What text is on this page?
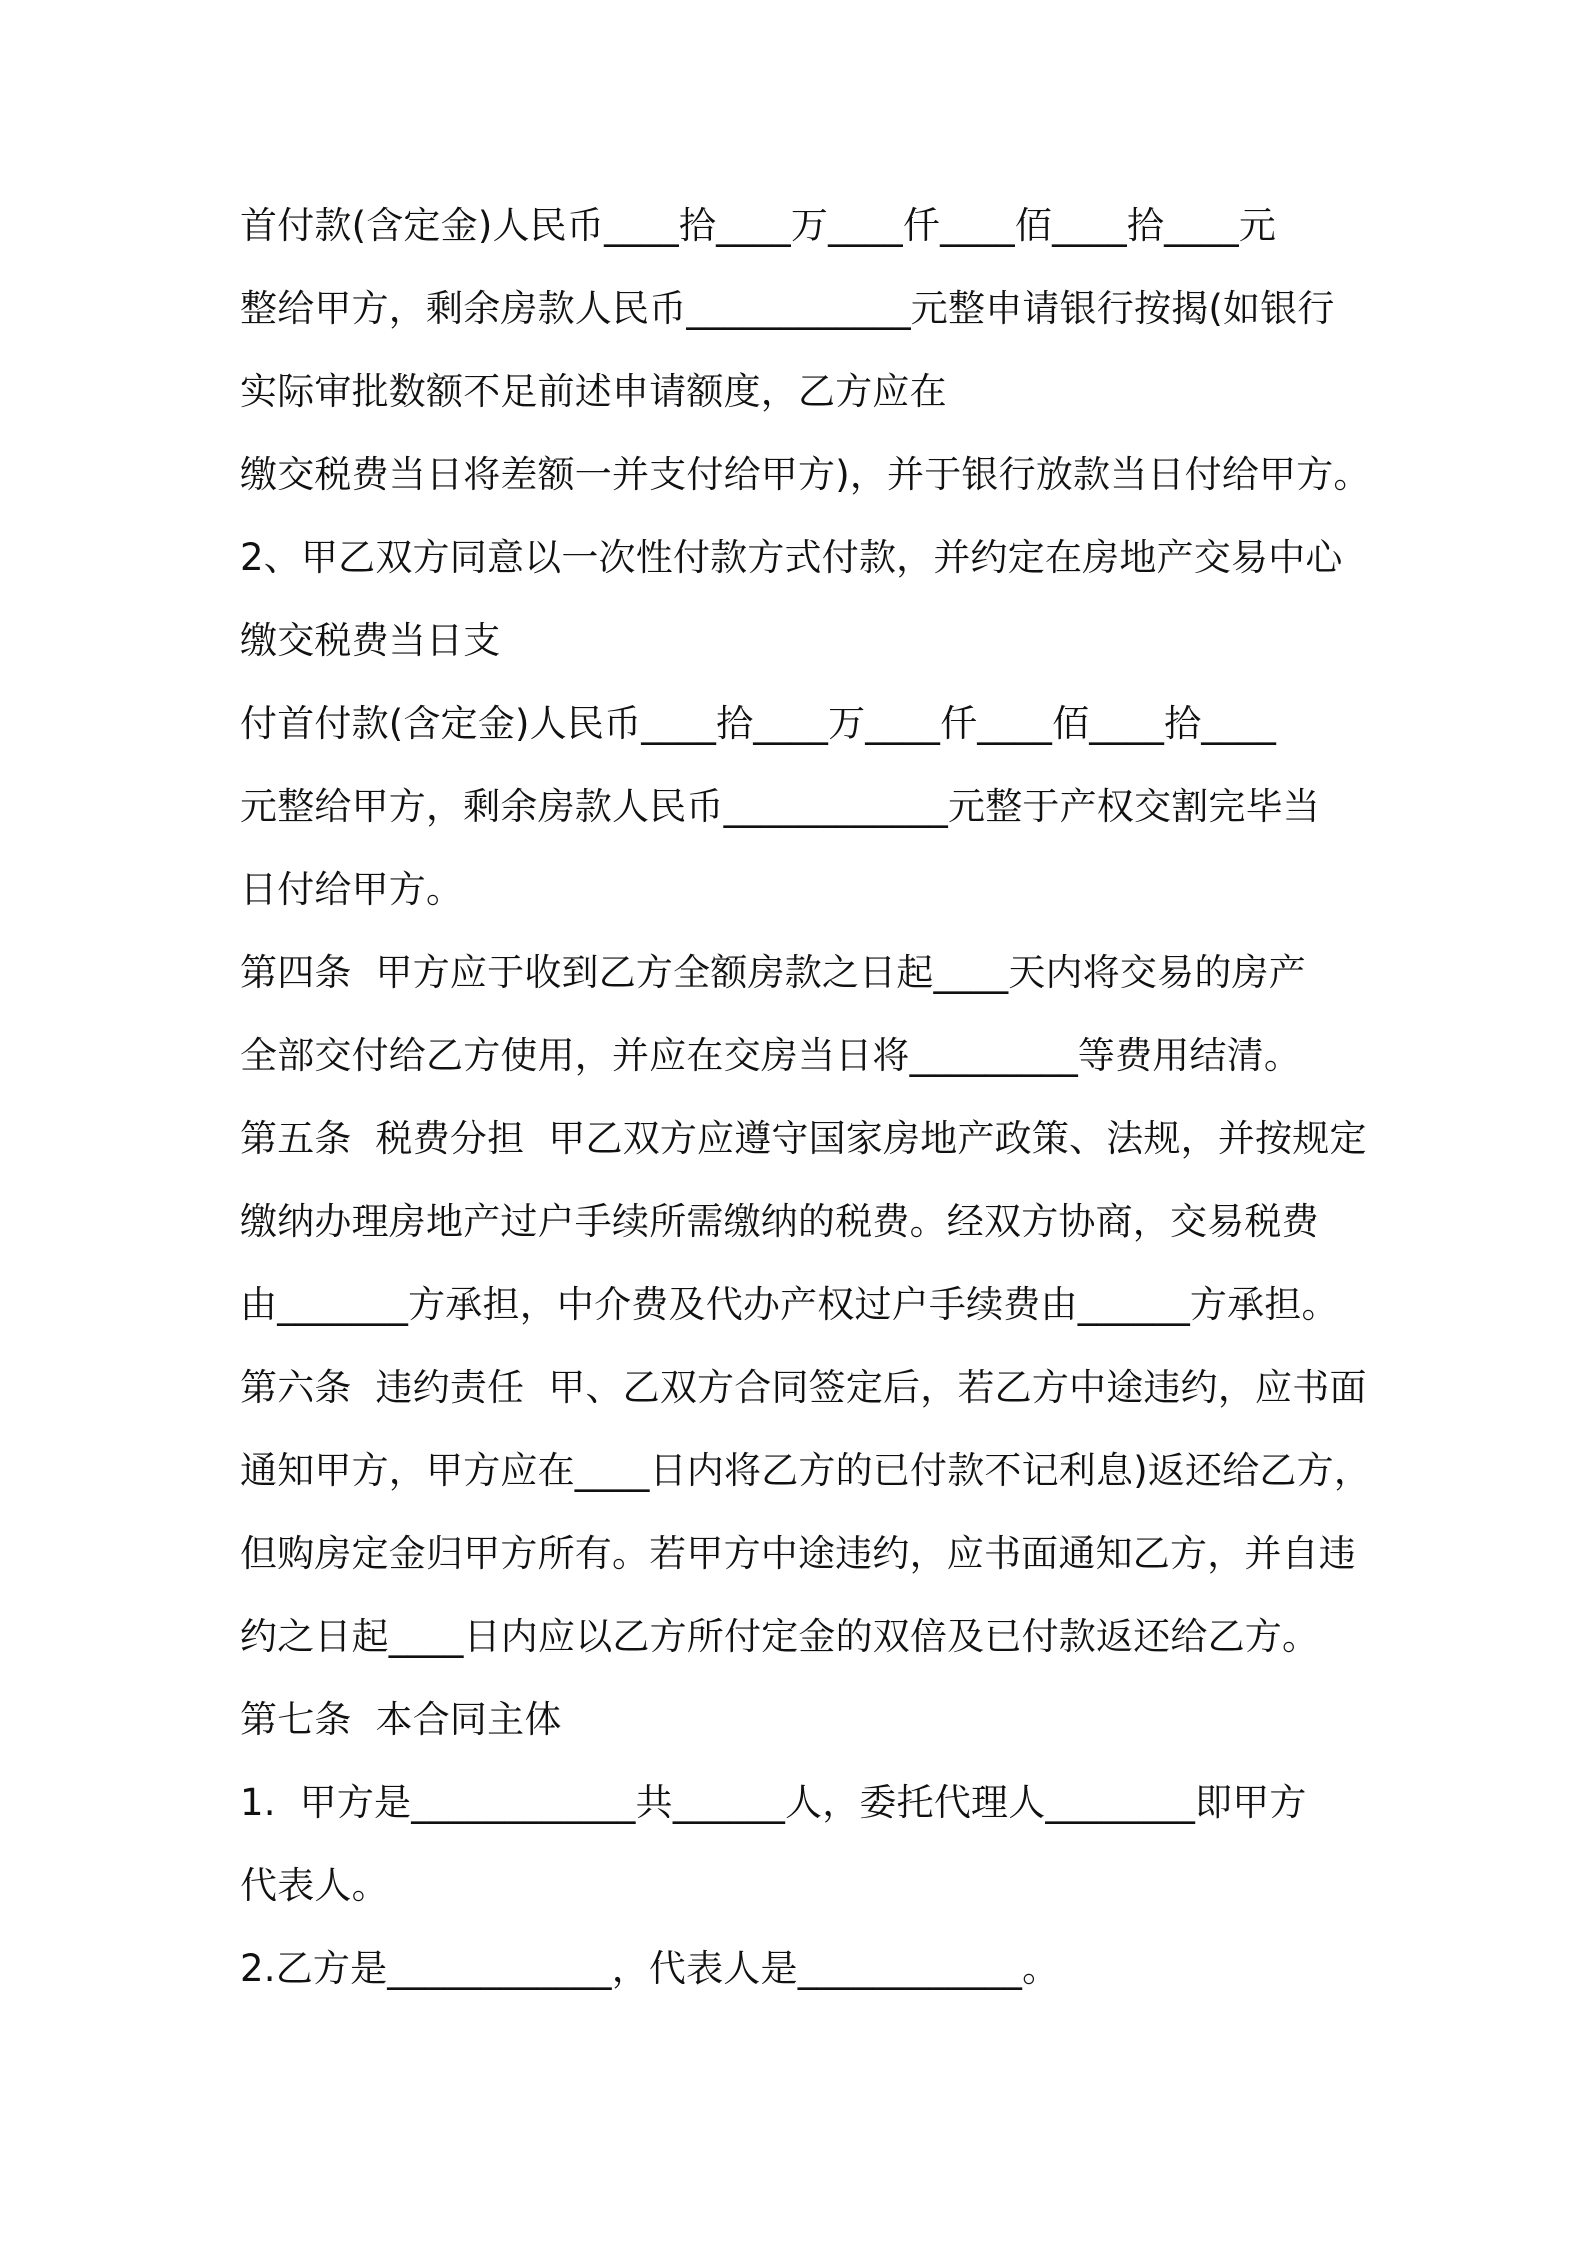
首付款(含定金)人民币____拾____万____仟____佰____拾____元
整给甲方，剩余房款人民币____________元整申请银行按揭(如银行
实际审批数额不足前述申请额度，乙方应在
缴交税费当日将差额一并支付给甲方)，并于银行放款当日付给甲方。
2、甲乙双方同意以一次性付款方式付款，并约定在房地产交易中心
缴交税费当日支
付首付款(含定金)人民币____拾____万____仟____佰____拾____
元整给甲方，剩余房款人民币____________元整于产权交割完毕当
日付给甲方。
第四条  甲方应于收到乙方全额房款之日起____天内将交易的房产
全部交付给乙方使用，并应在交房当日将_________等费用结清。
第五条  税费分担  甲乙双方应遵守国家房地产政策、法规，并按规定
缴纳办理房地产过户手续所需缴纳的税费。经双方协商，交易税费
由_______方承担，中介费及代办产权过户手续费由______方承担。
第六条  违约责任  甲、乙双方合同签定后，若乙方中途违约，应书面
通知甲方，甲方应在____日内将乙方的已付款不记利息)返还给乙方，
但购房定金归甲方所有。若甲方中途违约，应书面通知乙方，并自违
约之日起____日内应以乙方所付定金的双倍及已付款返还给乙方。
第七条  本合同主体
1.  甲方是____________共______人，委托代理人________即甲方
代表人。
2.乙方是____________，代表人是____________。
